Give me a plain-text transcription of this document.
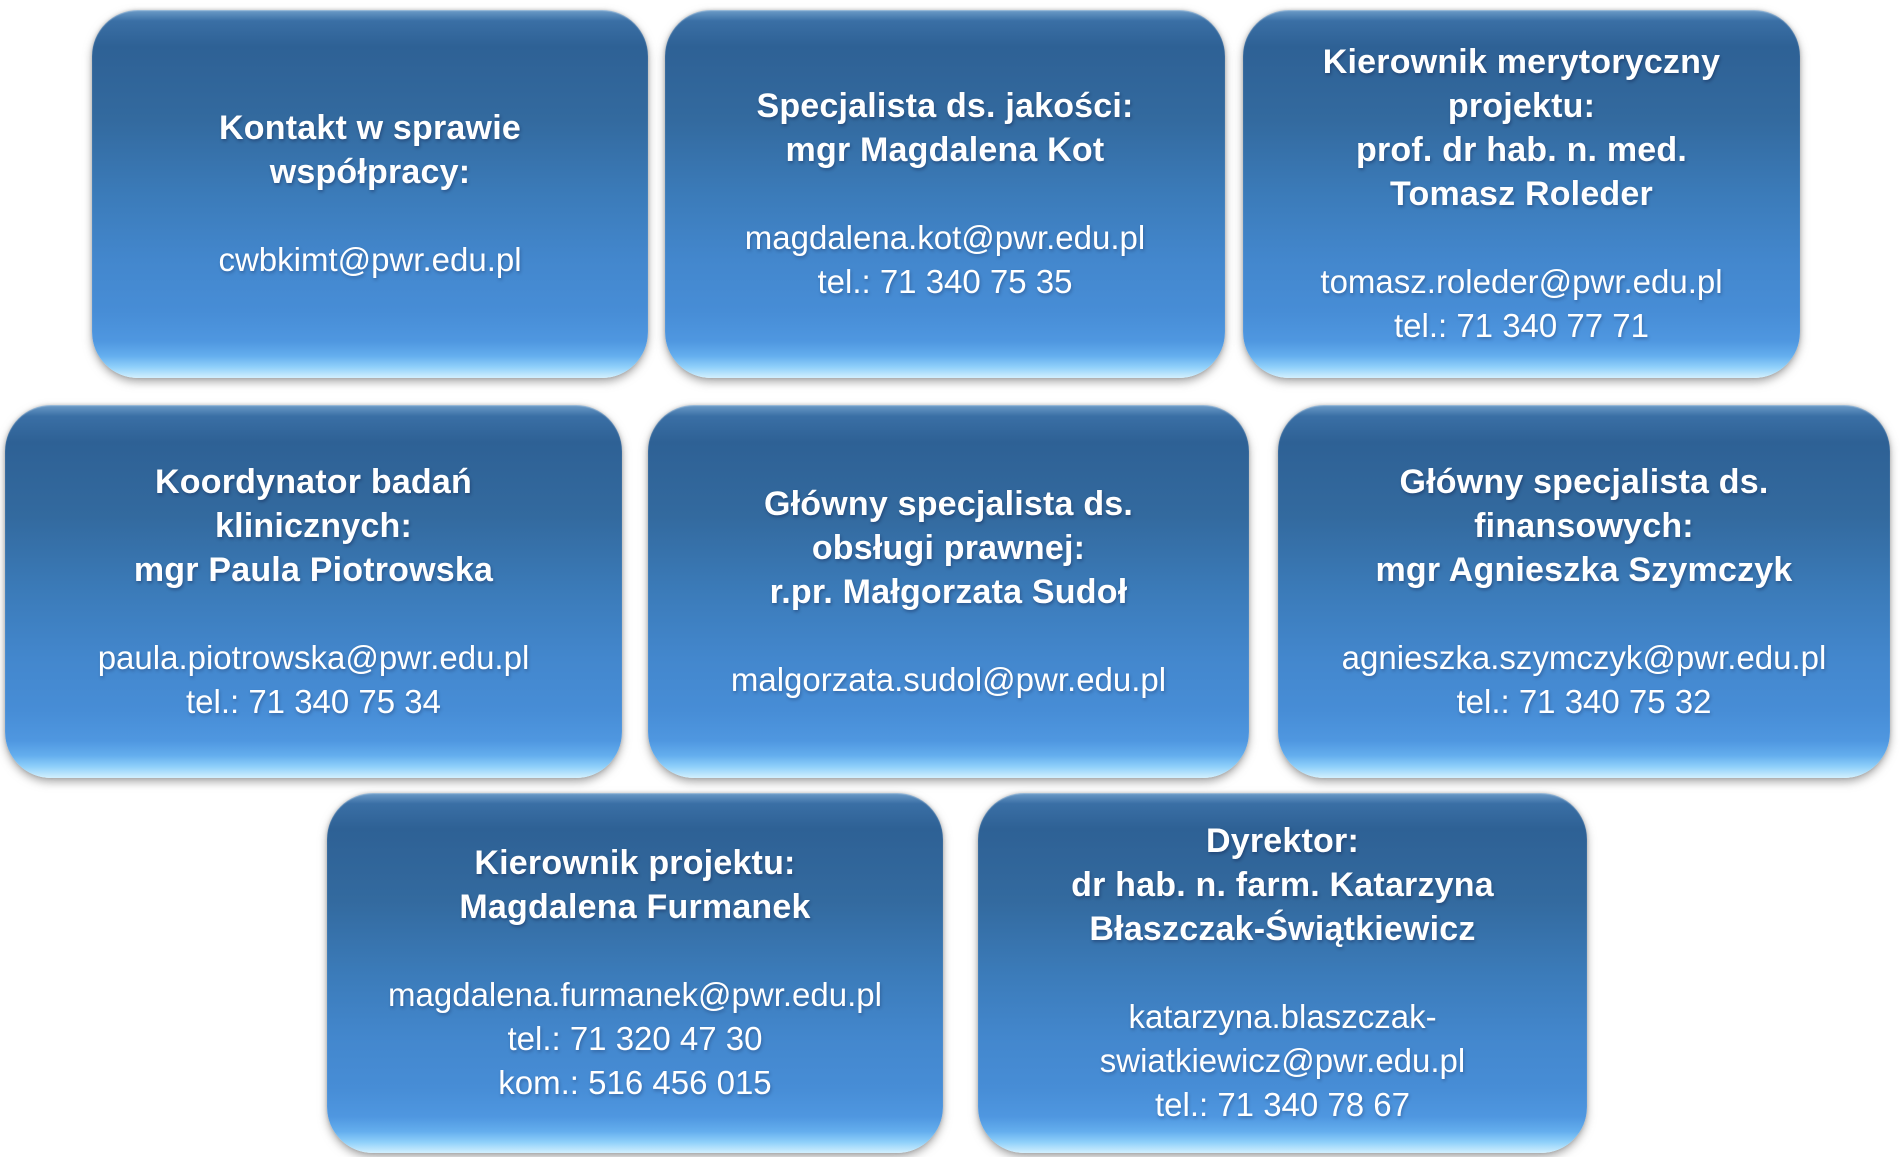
Kontakt w sprawie
współpracy:
cwbkimt@pwr.edu.pl
Specjalista ds. jakości:
mgr Magdalena Kot
magdalena.kot@pwr.edu.pl
tel.: 71 340 75 35
Kierownik merytoryczny
projektu:
prof. dr hab. n. med.
Tomasz Roleder
tomasz.roleder@pwr.edu.pl
tel.: 71 340 77 71
Koordynator badań
klinicznych:
mgr Paula Piotrowska
paula.piotrowska@pwr.edu.pl
tel.: 71 340 75 34
Główny specjalista ds.
obsługi prawnej:
r.pr. Małgorzata Sudoł
malgorzata.sudol@pwr.edu.pl
Główny specjalista ds.
finansowych:
mgr Agnieszka Szymczyk
agnieszka.szymczyk@pwr.edu.pl
tel.: 71 340 75 32
Kierownik projektu:
Magdalena Furmanek
magdalena.furmanek@pwr.edu.pl
tel.: 71 320 47 30
kom.: 516 456 015
Dyrektor:
dr hab. n. farm. Katarzyna
Błaszczak-Świątkiewicz
katarzyna.blaszczak-
swiatkiewicz@pwr.edu.pl
tel.: 71 340 78 67
